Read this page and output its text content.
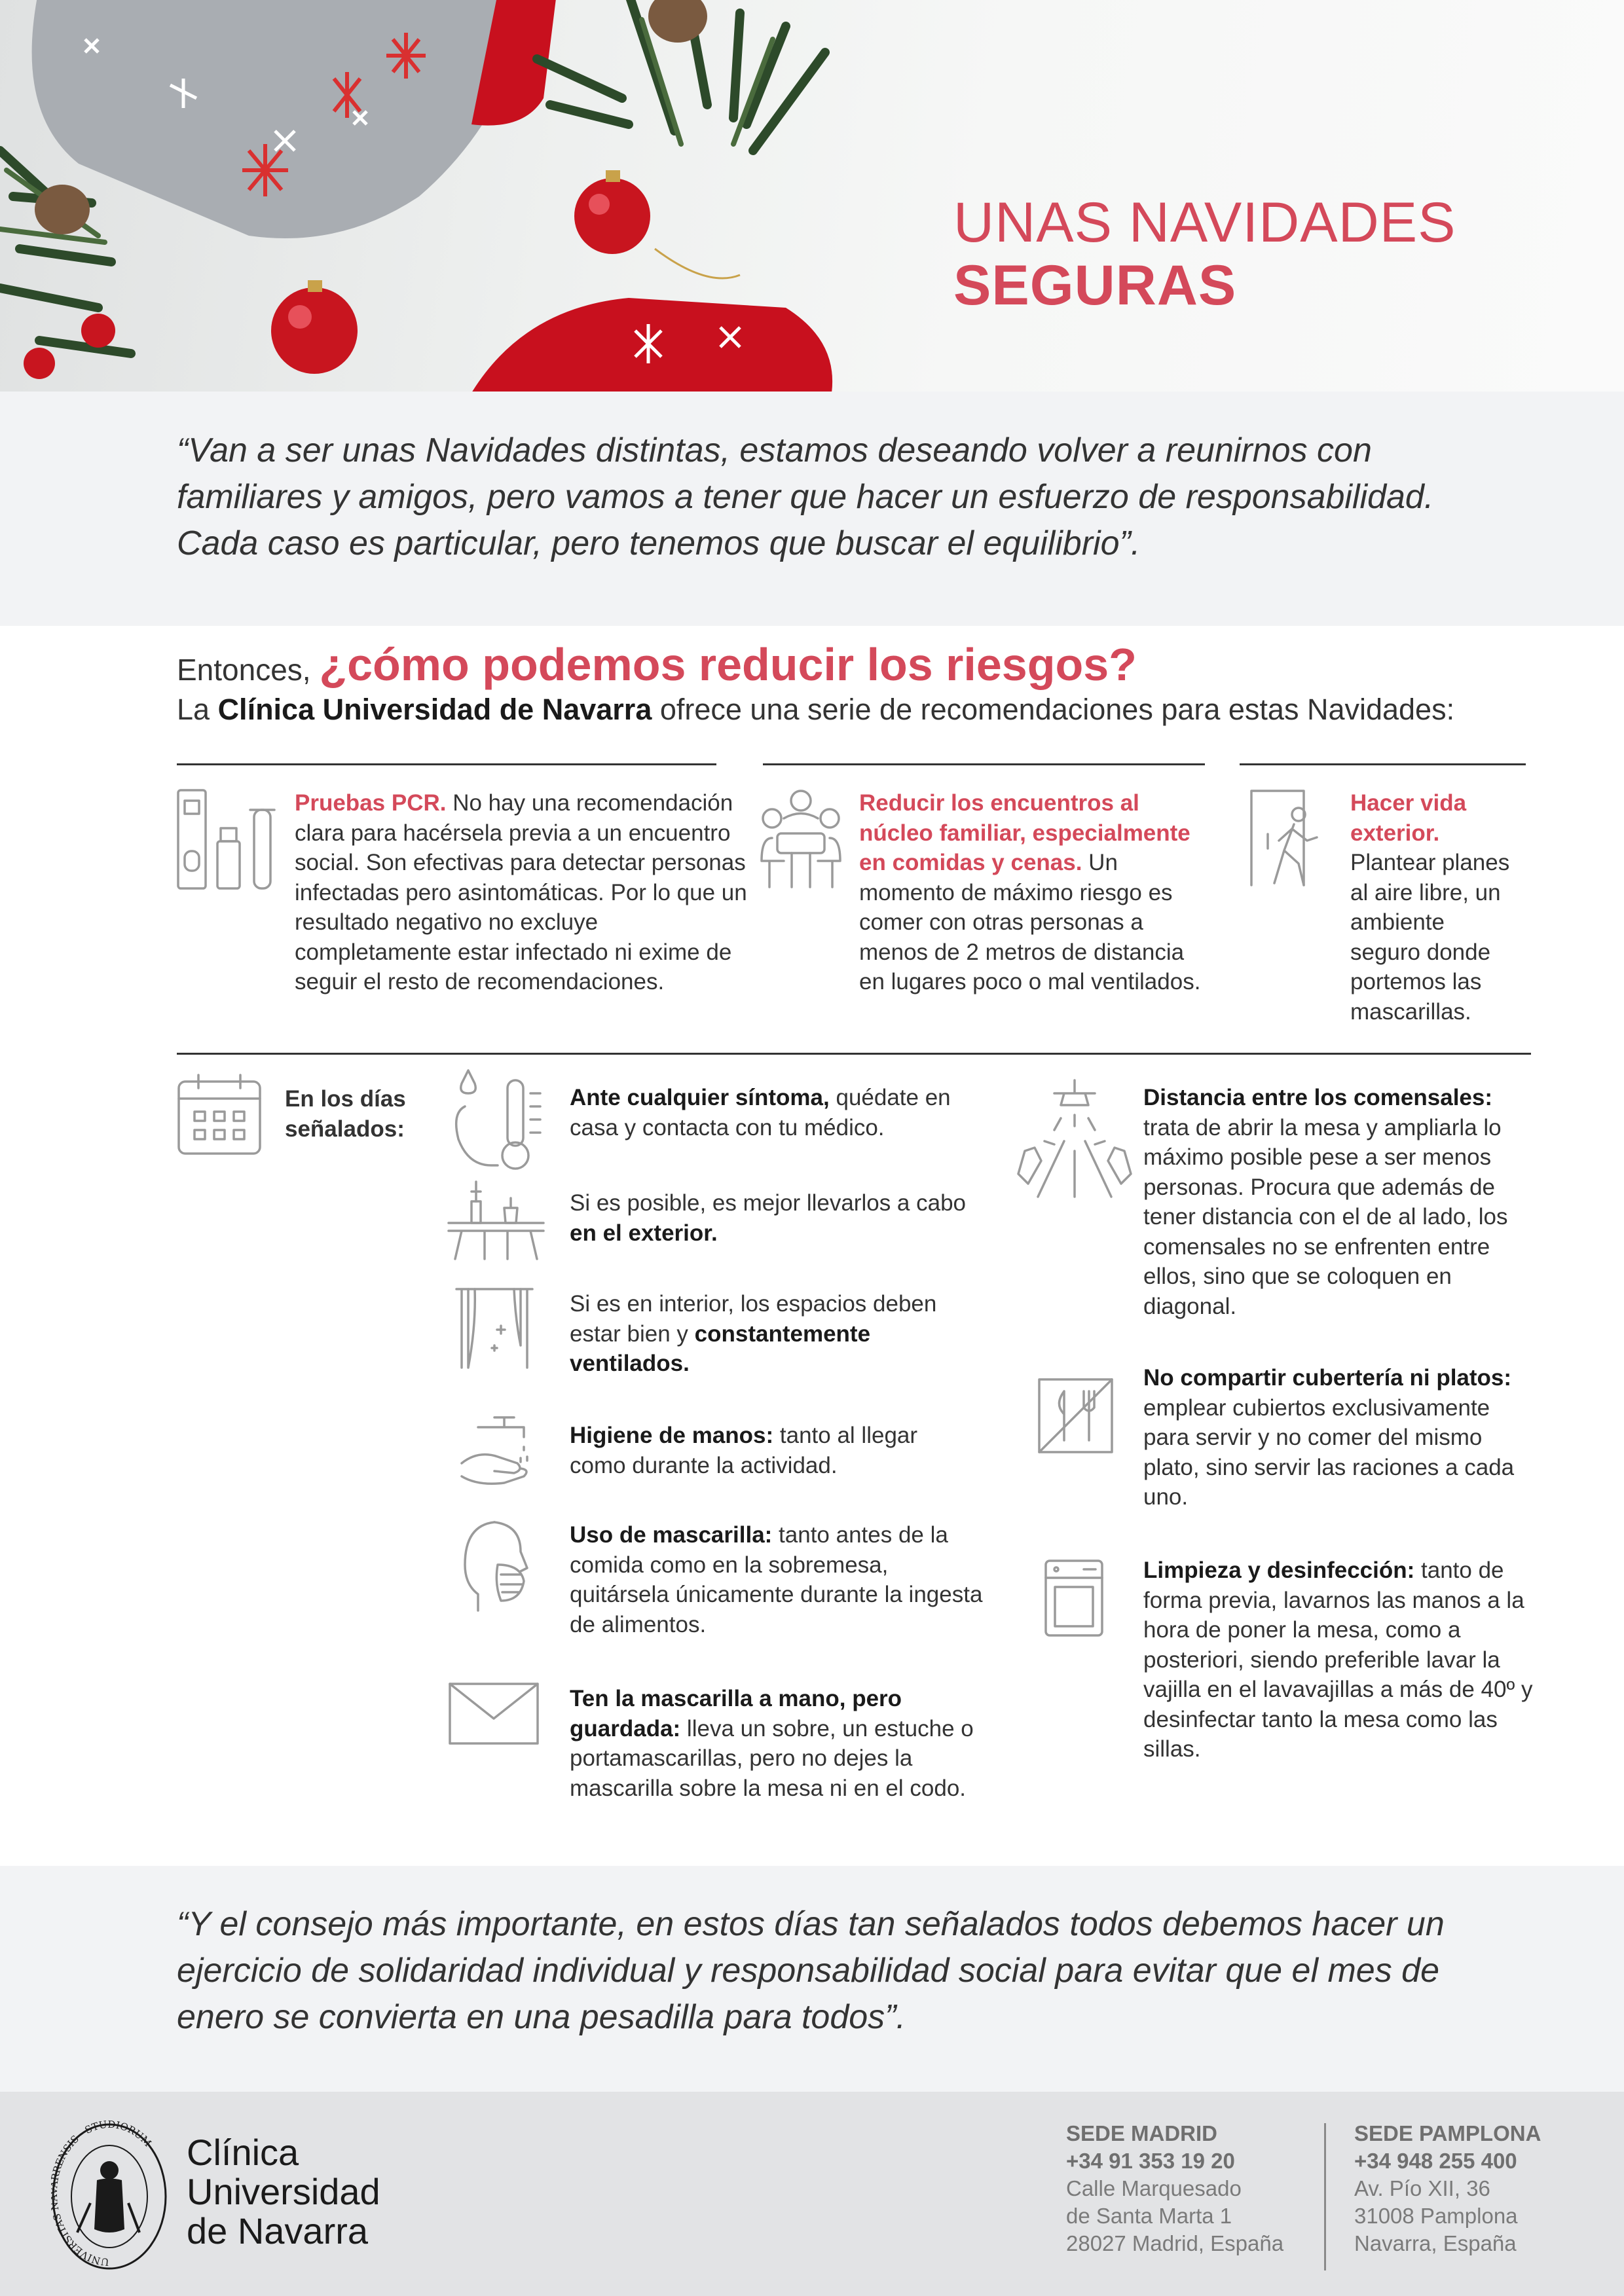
UNAS NAVIDADES
SEGURAS

“Van a ser unas Navidades distintas, estamos deseando volver a reunirnos con familiares y amigos, pero vamos a tener que hacer un esfuerzo de responsabilidad. Cada caso es particular, pero tenemos que buscar el equilibrio”.

Entonces, ¿cómo podemos reducir los riesgos?
La Clínica Universidad de Navarra ofrece una serie de recomendaciones para estas Navidades:
Pruebas PCR. No hay una recomendación clara para hacérsela previa a un encuentro social. Son efectivas para detectar personas infectadas pero asintomáticas. Por lo que un resultado negativo no excluye completamente estar infectado ni exime de seguir el resto de recomendaciones.
Reducir los encuentros al núcleo familiar, especialmente en comidas y cenas. Un momento de máximo riesgo es comer con otras personas a menos de 2 metros de distancia en lugares poco o mal ventilados.
Hacer vida exterior. Plantear planes al aire libre, un ambiente seguro donde portemos las mascarillas.
En los días señalados:
Ante cualquier síntoma, quédate en casa y contacta con tu médico.
Si es posible, es mejor llevarlos a cabo en el exterior.
Si es en interior, los espacios deben estar bien y constantemente ventilados.
Higiene de manos: tanto al llegar como durante la actividad.
Uso de mascarilla: tanto antes de la comida como en la sobremesa, quitársela únicamente durante la ingesta de alimentos.
Ten la mascarilla a mano, pero guardada: lleva un sobre, un estuche o portamascarillas, pero no dejes la mascarilla sobre la mesa ni en el codo.
Distancia entre los comensales: trata de abrir la mesa y ampliarla lo máximo posible pese a ser menos personas. Procura que además de tener distancia con el de al lado, los comensales no se enfrenten entre ellos, sino que se coloquen en diagonal.
No compartir cubertería ni platos: emplear cubiertos exclusivamente para servir y no comer del mismo plato, sino servir las raciones a cada uno.
Limpieza y desinfección: tanto de forma previa, lavarnos las manos a la hora de poner la mesa, como a posteriori, siendo preferible lavar la vajilla en el lavavajillas a más de 40º y desinfectar tanto la mesa como las sillas.

“Y el consejo más importante, en estos días tan señalados todos debemos hacer un ejercicio de solidaridad individual y responsabilidad social para evitar que el mes de enero se convierta en una pesadilla para todos”.

UNIVERSITAS RENSIS · STUDIORUM Clínica
Universidad
de Navarra
SEDE MADRID
+34 91 353 19 20
Calle Marquesado
de Santa Marta 1
28027 Madrid, España
SEDE PAMPLONA
+34 948 255 400
Av. Pío XII, 36
31008 Pamplona
Navarra, España
